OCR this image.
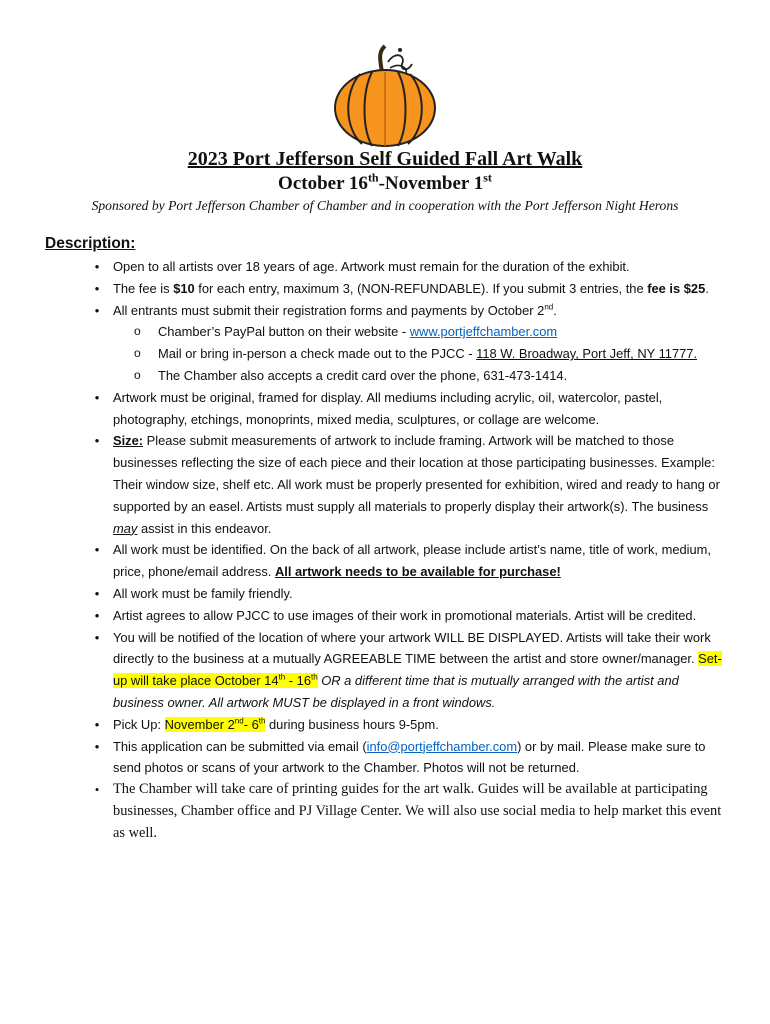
2023 Port Jefferson Self Guided Fall Art Walk
October 16th-November 1st
Sponsored by Port Jefferson Chamber of Chamber and in cooperation with the Port Jefferson Night Herons
Description:
•	Open to all artists over 18 years of age. Artwork must remain for the duration of the exhibit.
•	The fee is $10 for each entry, maximum 3, (NON-REFUNDABLE). If you submit 3 entries, the fee is $25.
•	All entrants must submit their registration forms and payments by October 2nd.
o Chamber’s PayPal button on their website - www.portjeffchamber.com
o Mail or bring in-person a check made out to the PJCC - 118 W. Broadway, Port Jeff, NY 11777.
o The Chamber also accepts a credit card over the phone, 631-473-1414.
•	Artwork must be original, framed for display. All mediums including acrylic, oil, watercolor, pastel, photography, etchings, monoprints, mixed media, sculptures, or collage are welcome.
•	Size: Please submit measurements of artwork to include framing. Artwork will be matched to those businesses reflecting the size of each piece and their location at those participating businesses. Example: Their window size, shelf etc. All work must be properly presented for exhibition, wired and ready to hang or supported by an easel. Artists must supply all materials to properly display their artwork(s). The business may assist in this endeavor.
•	All work must be identified. On the back of all artwork, please include artist’s name, title of work, medium, price, phone/email address. All artwork needs to be available for purchase!
•	All work must be family friendly.
•	Artist agrees to allow PJCC to use images of their work in promotional materials. Artist will be credited.
•	You will be notified of the location of where your artwork WILL BE DISPLAYED. Artists will take their work directly to the business at a mutually AGREEABLE TIME between the artist and store owner/manager. Set-up will take place October 14th - 16th OR a different time that is mutually arranged with the artist and business owner. All artwork MUST be displayed in a front windows.
•	Pick Up: November 2nd- 6th during business hours 9-5pm.
•	This application can be submitted via email (info@portjeffchamber.com) or by mail. Please make sure to send photos or scans of your artwork to the Chamber. Photos will not be returned.
• The Chamber will take care of printing guides for the art walk. Guides will be available at participating businesses, Chamber office and PJ Village Center. We will also use social media to help market this event as well.
